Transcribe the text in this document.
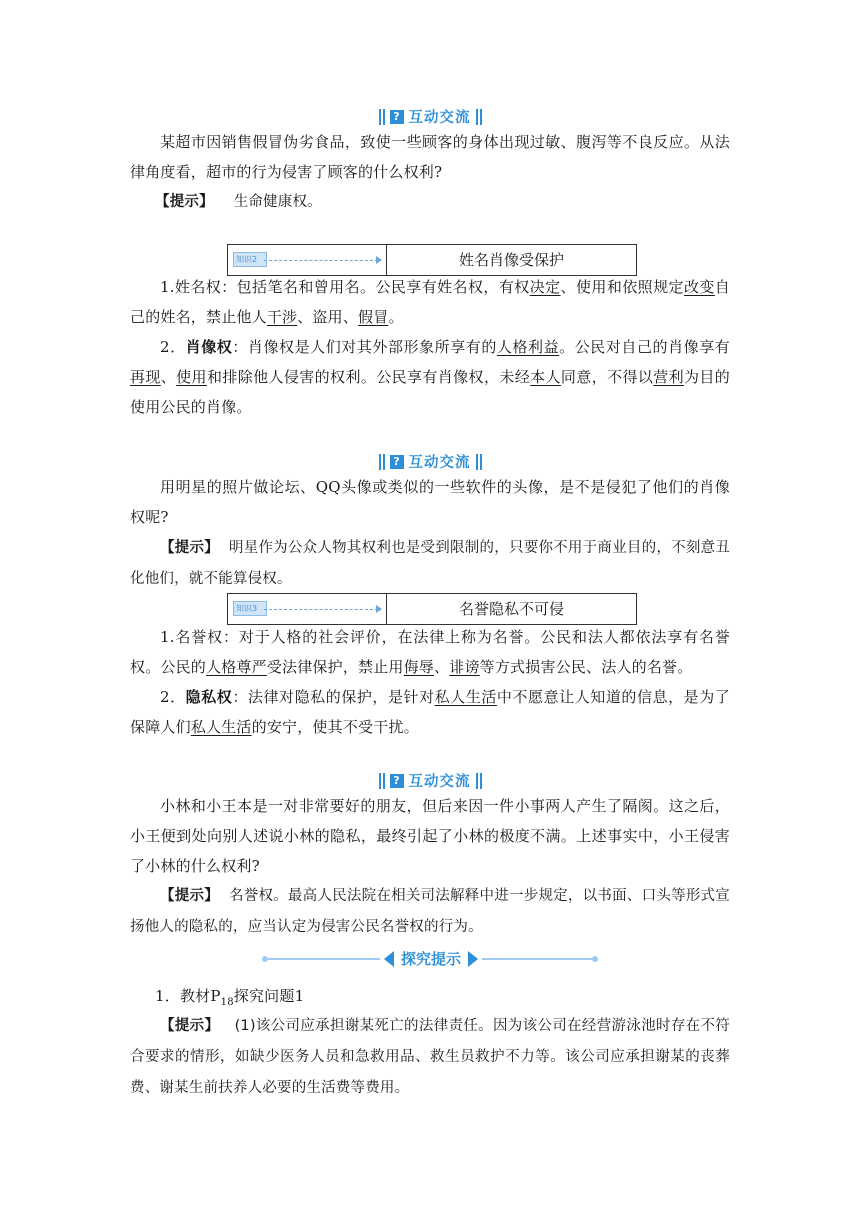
? 互动交流
某超市因销售假冒伪劣食品，致使一些顾客的身体出现过敏、腹泻等不良反应。从法律角度看，超市的行为侵害了顾客的什么权利?
【提示】 生命健康权。
知识2	姓名肖像受保护
1.姓名权：包括笔名和曾用名。公民享有姓名权，有权决定、使用和依照规定改变自己的姓名，禁止他人干涉、盗用、假冒。
2．肖像权：肖像权是人们对其外部形象所享有的人格利益。公民对自己的肖像享有再现、使用和排除他人侵害的权利。公民享有肖像权，未经本人同意，不得以营利为目的使用公民的肖像。
? 互动交流
用明星的照片做论坛、QQ头像或类似的一些软件的头像，是不是侵犯了他们的肖像权呢?
【提示】 明星作为公众人物其权利也是受到限制的，只要你不用于商业目的，不刻意丑化他们，就不能算侵权。
知识3	名誉隐私不可侵
1.名誉权：对于人格的社会评价，在法律上称为名誉。公民和法人都依法享有名誉权。公民的人格尊严受法律保护，禁止用侮辱、诽谤等方式损害公民、法人的名誉。
2．隐私权：法律对隐私的保护，是针对私人生活中不愿意让人知道的信息，是为了保障人们私人生活的安宁，使其不受干扰。
? 互动交流
小林和小王本是一对非常要好的朋友，但后来因一件小事两人产生了隔阂。这之后，小王便到处向别人述说小林的隐私，最终引起了小林的极度不满。上述事实中，小王侵害了小林的什么权利?
【提示】 名誉权。最高人民法院在相关司法解释中进一步规定，以书面、口头等形式宣扬他人的隐私的，应当认定为侵害公民名誉权的行为。
探究提示
1．教材$P_{18}$探究问题1
【提示】 (1)该公司应承担谢某死亡的法律责任。因为该公司在经营游泳池时存在不符合要求的情形，如缺少医务人员和急救用品、救生员救护不力等。该公司应承担谢某的丧葬费、谢某生前扶养人必要的生活费等费用。
